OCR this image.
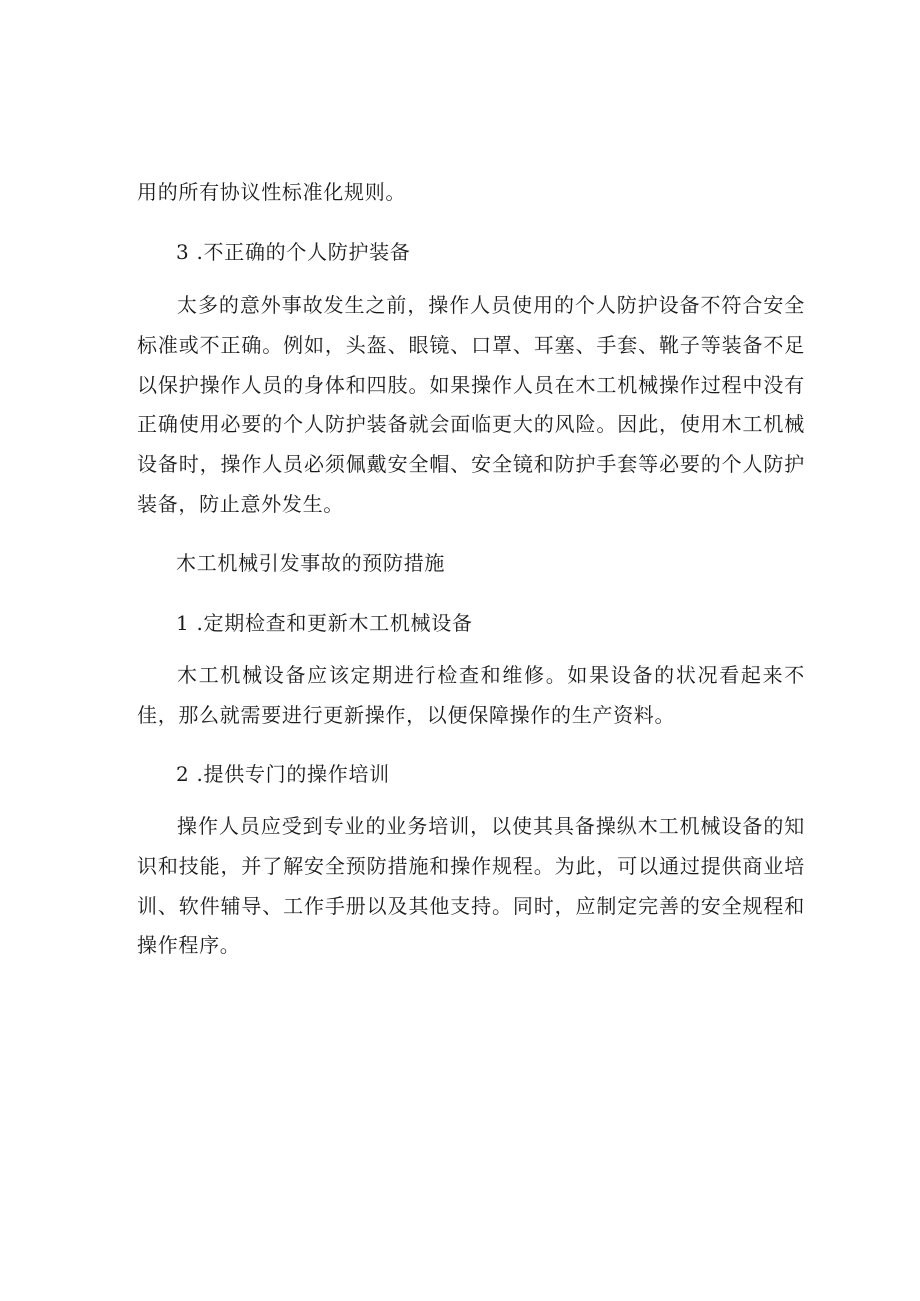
用的所有协议性标准化规则。

3 .不正确的个人防护装备

太多的意外事故发生之前，操作人员使用的个人防护设备不符合安全标准或不正确。例如，头盔、眼镜、口罩、耳塞、手套、靴子等装备不足以保护操作人员的身体和四肢。如果操作人员在木工机械操作过程中没有正确使用必要的个人防护装备就会面临更大的风险。因此，使用木工机械设备时，操作人员必须佩戴安全帽、安全镜和防护手套等必要的个人防护装备，防止意外发生。

木工机械引发事故的预防措施

1 .定期检查和更新木工机械设备

木工机械设备应该定期进行检查和维修。如果设备的状况看起来不佳，那么就需要进行更新操作，以便保障操作的生产资料。

2 .提供专门的操作培训

操作人员应受到专业的业务培训，以使其具备操纵木工机械设备的知识和技能，并了解安全预防措施和操作规程。为此，可以通过提供商业培训、软件辅导、工作手册以及其他支持。同时，应制定完善的安全规程和操作程序。
